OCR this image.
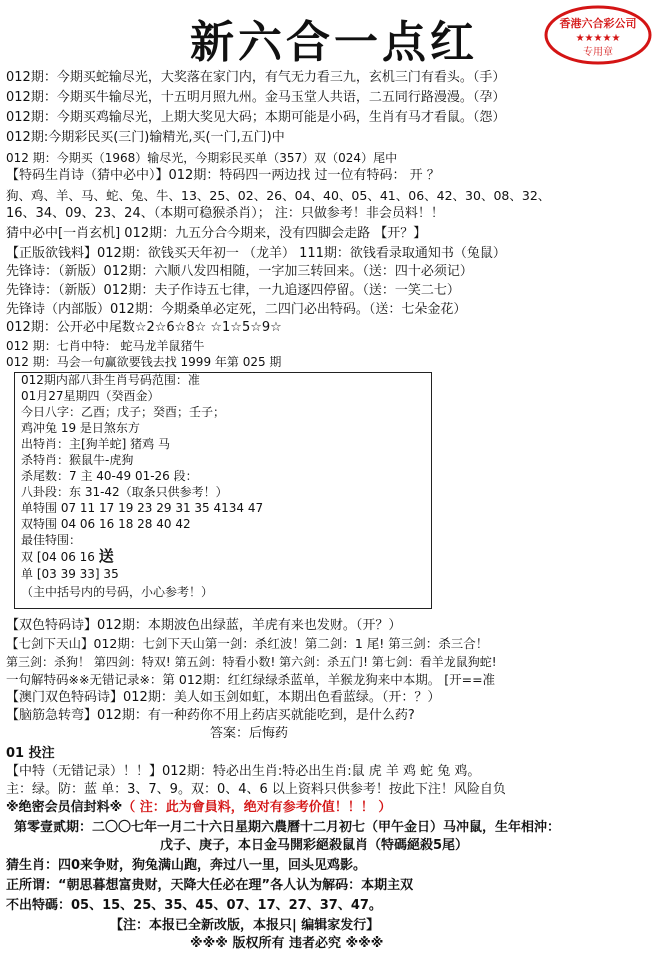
新六合一点红	香港六合彩公司
★★★★★
专用章
012期：今期买蛇输尽光，大奖落在家门内，有气无力看三九，玄机三门有看头。（手）
012期：今期买牛输尽光，十五明月照九州。金马玉堂人共语，二五同行路漫漫。（孕）
012期：今期买鸡输尽光，上期大奖见大码；本期可能是小码，生肖有马才看鼠。（怨）
012期:今期彩民买(三门)输精光,买(一门,五门)中
012 期：今期买（1968）输尽光，今期彩民买单（357）双（024）尾中
【特码生肖诗（猜中必中）】012期：特码四一两边找 过一位有特码： 开 ？
狗、鸡、羊、马、蛇、兔、牛、13、25、02、26、04、40、05、41、06、42、30、08、32、
16、34、09、23、24、（本期可稳猴杀肖）； 注：只做参考！非会员料！！
猜中必中[一肖玄机] 012期：九五分合今期来，没有四脚会走路 【开？】
【正版欲钱料】012期：欲钱买天年初一 （龙羊） 111期：欲钱看录取通知书（兔鼠）
先锋诗：（新版）012期：六顺八发四相随，一字加三转回来。（送：四十必须记）
先锋诗：（新版）012期：夫子作诗五七律，一九追逐四停留。（送：一笑二七）
先锋诗（内部版）012期：今期桑单必定死，二四门必出特码。（送：七朵金花）
012期：公开必中尾数☆2☆6☆8☆ ☆1☆5☆9☆
012 期：七肖中特： 蛇马龙羊鼠猪牛
012 期：马会一句赢欲要钱去找 1999 年第 025 期
012期内部八卦生肖号码范围：准
01月27星期四（癸酉金）
今日八字：乙酉；戊子；癸酉；壬子；
鸡冲兔 19 是日煞东方
出特肖：主[狗羊蛇] 猪鸡 马
杀特肖：猴鼠牛-虎狗
杀尾数：7 主 40-49 01-26 段：
八卦段：东 31-42（取条只供参考！）
单特围 07 11 17 19 23 29 31 35 4134 47
双特围 04 06 16 18 28 40 42
最佳特围：
双 [04 06 16 送
单 [03 39 33] 35
（主中括号内的号码，小心参考！）
【双色特码诗】012期：本期波色出绿蓝，羊虎有来也发财。（开？）
【七剑下天山】012期：七剑下天山第一剑：杀红波！第二剑：1 尾! 第三剑：杀三合！
第三剑：杀狗！ 第四剑：特双! 第五剑：特看小数! 第六剑：杀五门! 第七剑：看羊龙鼠狗蛇!
一句解特码※※无错记录※：第 012期：红红绿绿杀蓝单，羊猴龙狗来中本期。 [开==准
【澳门双色特码诗】012期：美人如玉剑如虹，本期出色看蓝绿。（开：？）
【脑筋急转弯】012期：有一种药你不用上药店买就能吃到，是什么药?
答案：后悔药
01 投注
【中特（无错记录）！！】012期：特必出生肖:特必出生肖:鼠 虎 羊 鸡 蛇 兔 鸡。
主：绿。防：蓝 单：3、7、9。双：0、4、6 以上资料只供参考！按此下注！风险自负
※绝密会员信封料※（ 注：此为會員料，绝对有参考价值！！！ ）
第零壹贰期：二〇〇七年一月二十六日星期六農曆十二月初七（甲午金日）马冲鼠，生年相沖：
戊子、庚子，本日金马開彩絕殺鼠肖（特碼絕殺5尾）
猜生肖：四0来争财，狗兔满山跑，奔过八一里，回头见鸡影。
正所谓：“朝思暮想富贵财，天降大任必在理”各人认为解码：本期主双
不出特碼：05、15、25、35、45、07、17、27、37、47。
【注：本报已全新改版，本报只| 编辑家发行】
※※※ 版权所有 违者必究 ※※※
